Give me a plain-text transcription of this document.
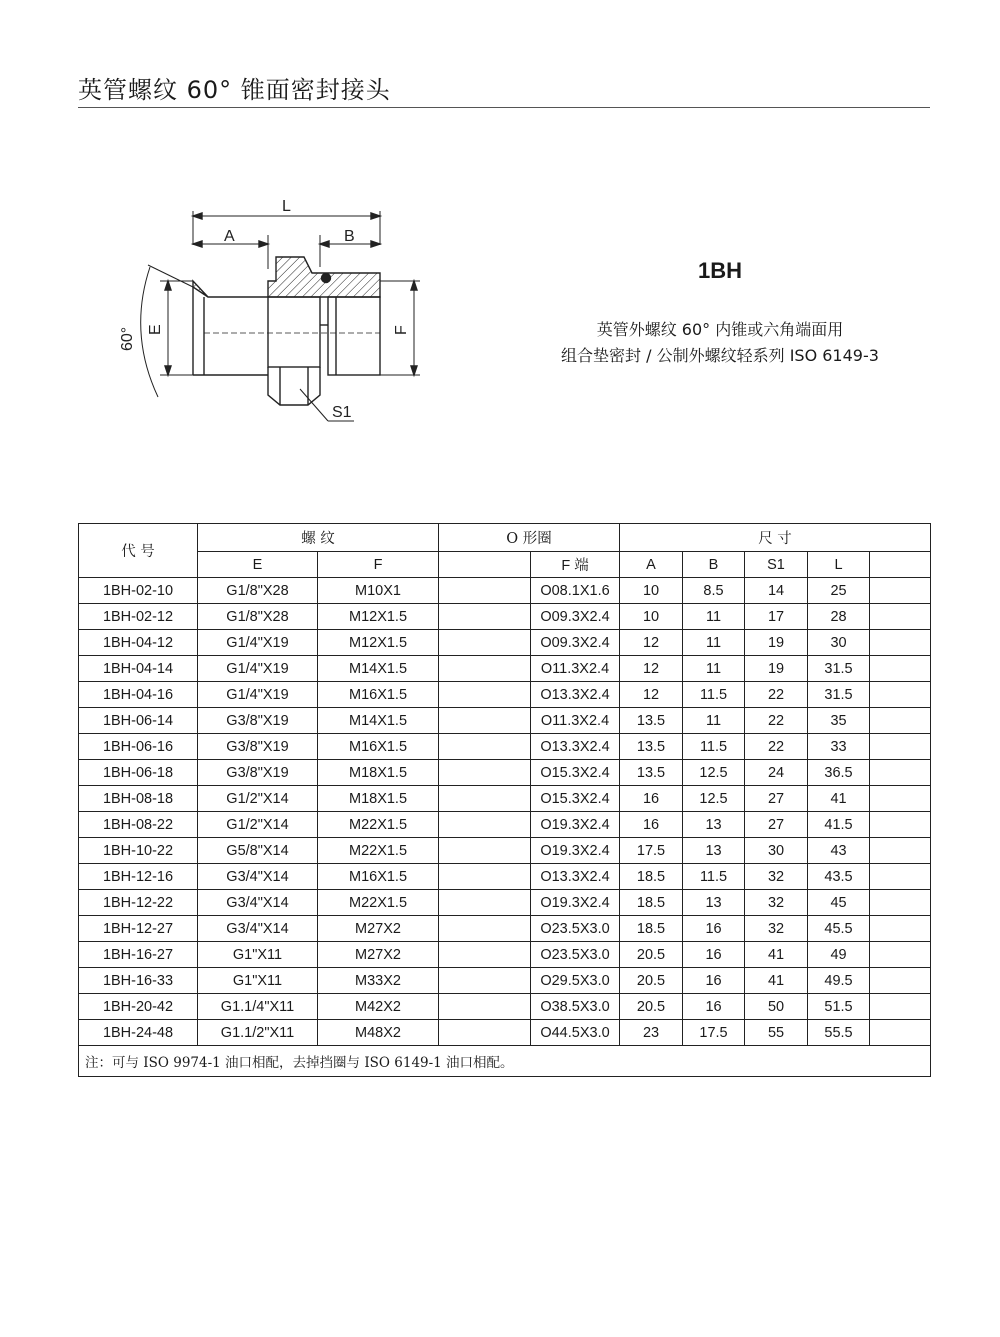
英管螺纹 60° 锥面密封接头
L
A	B
E	F
S1
60°
1BH
英管外螺纹 60° 内锥或六角端面用
组合垫密封 / 公制外螺纹轻系列 ISO 6149-3
代 号	螺 纹		O 形圈		尺 寸				
	E	F		F 端	A	B	S1	L	
1BH-02-10	G1/8"X28	M10X1		O08.1X1.6	10	8.5	14	25	
1BH-02-12	G1/8"X28	M12X1.5		O09.3X2.4	10	11	17	28	
1BH-04-12	G1/4"X19	M12X1.5		O09.3X2.4	12	11	19	30	
1BH-04-14	G1/4"X19	M14X1.5		O11.3X2.4	12	11	19	31.5	
1BH-04-16	G1/4"X19	M16X1.5		O13.3X2.4	12	11.5	22	31.5	
1BH-06-14	G3/8"X19	M14X1.5		O11.3X2.4	13.5	11	22	35	
1BH-06-16	G3/8"X19	M16X1.5		O13.3X2.4	13.5	11.5	22	33	
1BH-06-18	G3/8"X19	M18X1.5		O15.3X2.4	13.5	12.5	24	36.5	
1BH-08-18	G1/2"X14	M18X1.5		O15.3X2.4	16	12.5	27	41	
1BH-08-22	G1/2"X14	M22X1.5		O19.3X2.4	16	13	27	41.5	
1BH-10-22	G5/8"X14	M22X1.5		O19.3X2.4	17.5	13	30	43	
1BH-12-16	G3/4"X14	M16X1.5		O13.3X2.4	18.5	11.5	32	43.5	
1BH-12-22	G3/4"X14	M22X1.5		O19.3X2.4	18.5	13	32	45	
1BH-12-27	G3/4"X14	M27X2		O23.5X3.0	18.5	16	32	45.5	
1BH-16-27	G1"X11	M27X2		O23.5X3.0	20.5	16	41	49	
1BH-16-33	G1"X11	M33X2		O29.5X3.0	20.5	16	41	49.5	
1BH-20-42	G1.1/4"X11	M42X2		O38.5X3.0	20.5	16	50	51.5	
1BH-24-48	G1.1/2"X11	M48X2		O44.5X3.0	23	17.5	55	55.5	
注：可与 ISO 9974-1 油口相配，去掉挡圈与 ISO 6149-1 油口相配。									
